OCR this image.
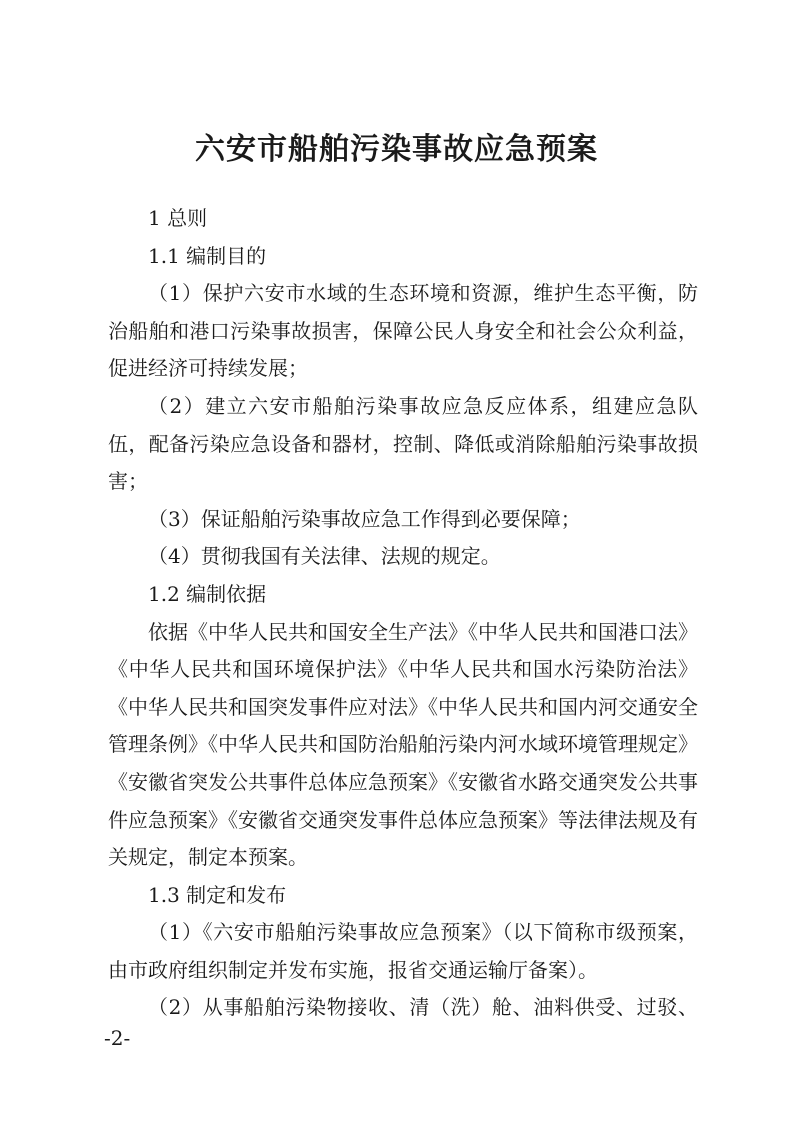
六安市船舶污染事故应急预案

1 总则

1.1 编制目的

（1）保护六安市水域的生态环境和资源，维护生态平衡，防治船舶和港口污染事故损害，保障公民人身安全和社会公众利益，促进经济可持续发展；

（2）建立六安市船舶污染事故应急反应体系，组建应急队伍，配备污染应急设备和器材，控制、降低或消除船舶污染事故损害；

（3）保证船舶污染事故应急工作得到必要保障；

（4）贯彻我国有关法律、法规的规定。

1.2 编制依据

依据《中华人民共和国安全生产法》《中华人民共和国港口法》《中华人民共和国环境保护法》《中华人民共和国水污染防治法》《中华人民共和国突发事件应对法》《中华人民共和国内河交通安全管理条例》《中华人民共和国防治船舶污染内河水域环境管理规定》《安徽省突发公共事件总体应急预案》《安徽省水路交通突发公共事件应急预案》《安徽省交通突发事件总体应急预案》等法律法规及有关规定，制定本预案。

1.3 制定和发布

（1）《六安市船舶污染事故应急预案》（以下简称市级预案，由市政府组织制定并发布实施，报省交通运输厅备案）。

（2）从事船舶污染物接收、清（洗）舱、油料供受、过驳、

-2-
